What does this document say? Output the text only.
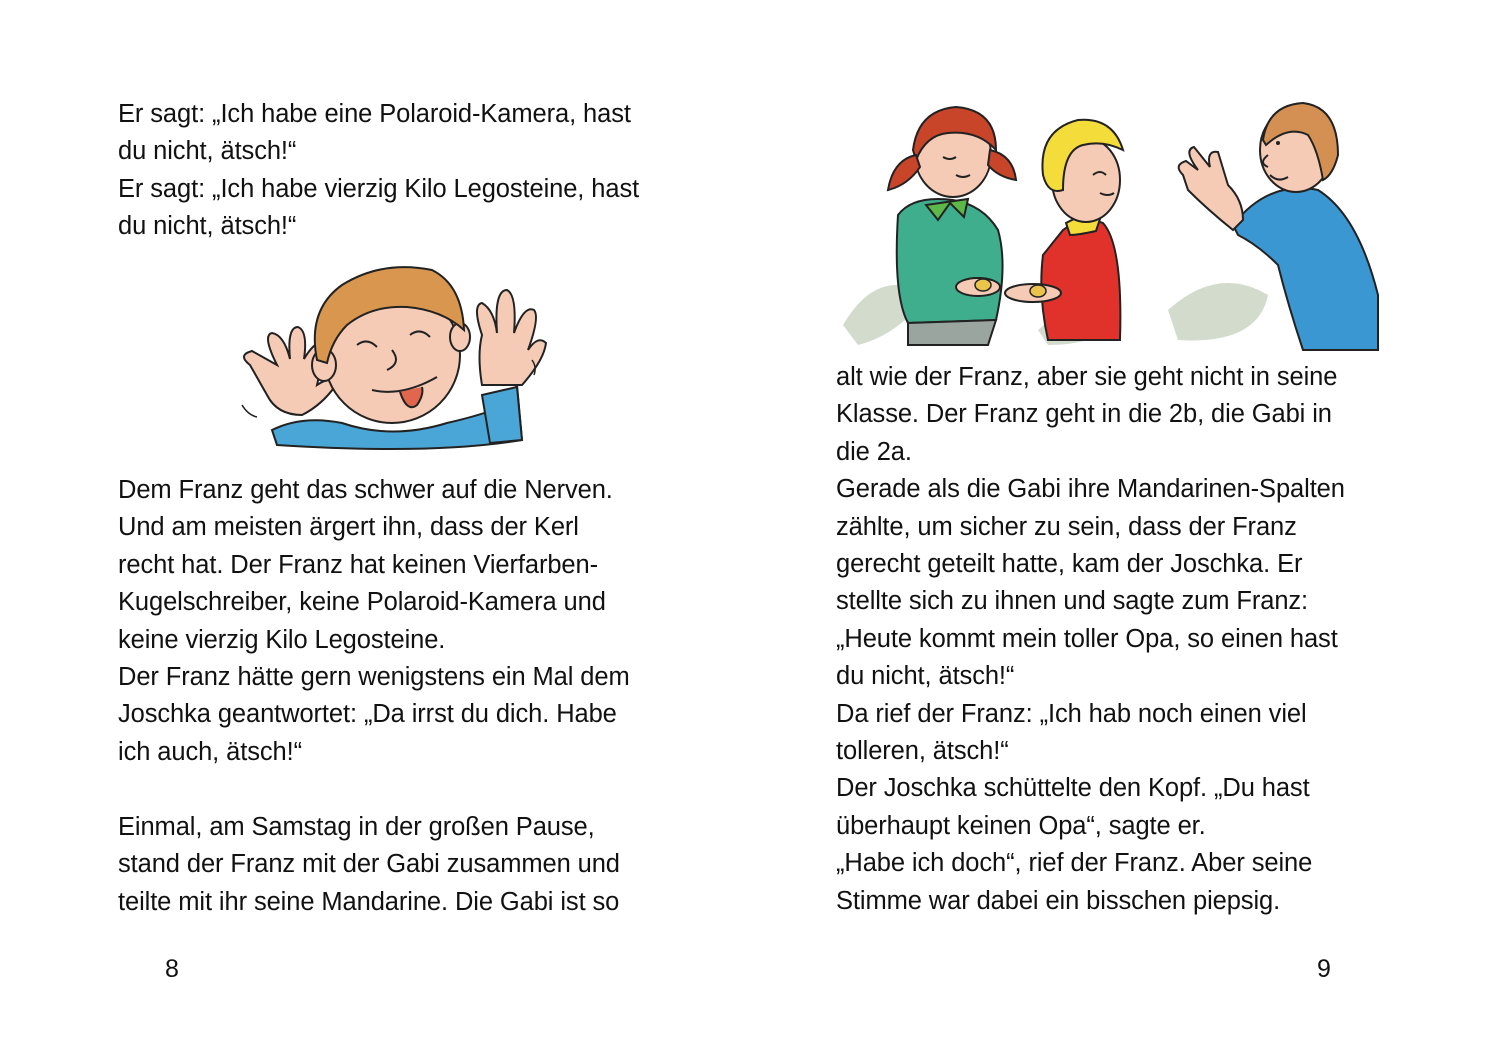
Er sagt: „Ich habe eine Polaroid-Kamera, hast
du nicht, ätsch!“
Er sagt: „Ich habe vierzig Kilo Legosteine, hast
du nicht, ätsch!“
Dem Franz geht das schwer auf die Nerven.
Und am meisten ärgert ihn, dass der Kerl
recht hat. Der Franz hat keinen Vierfarben-
Kugelschreiber, keine Polaroid-Kamera und
keine vierzig Kilo Legosteine.
Der Franz hätte gern wenigstens ein Mal dem
Joschka geantwortet: „Da irrst du dich. Habe
ich auch, ätsch!“
Einmal, am Samstag in der großen Pause,
stand der Franz mit der Gabi zusammen und
teilte mit ihr seine Mandarine. Die Gabi ist so
8
alt wie der Franz, aber sie geht nicht in seine
Klasse. Der Franz geht in die 2b, die Gabi in
die 2a.
Gerade als die Gabi ihre Mandarinen-Spalten
zählte, um sicher zu sein, dass der Franz
gerecht geteilt hatte, kam der Joschka. Er
stellte sich zu ihnen und sagte zum Franz:
„Heute kommt mein toller Opa, so einen hast
du nicht, ätsch!“
Da rief der Franz: „Ich hab noch einen viel
tolleren, ätsch!“
Der Joschka schüttelte den Kopf. „Du hast
überhaupt keinen Opa“, sagte er.
„Habe ich doch“, rief der Franz. Aber seine
Stimme war dabei ein bisschen piepsig.
9
